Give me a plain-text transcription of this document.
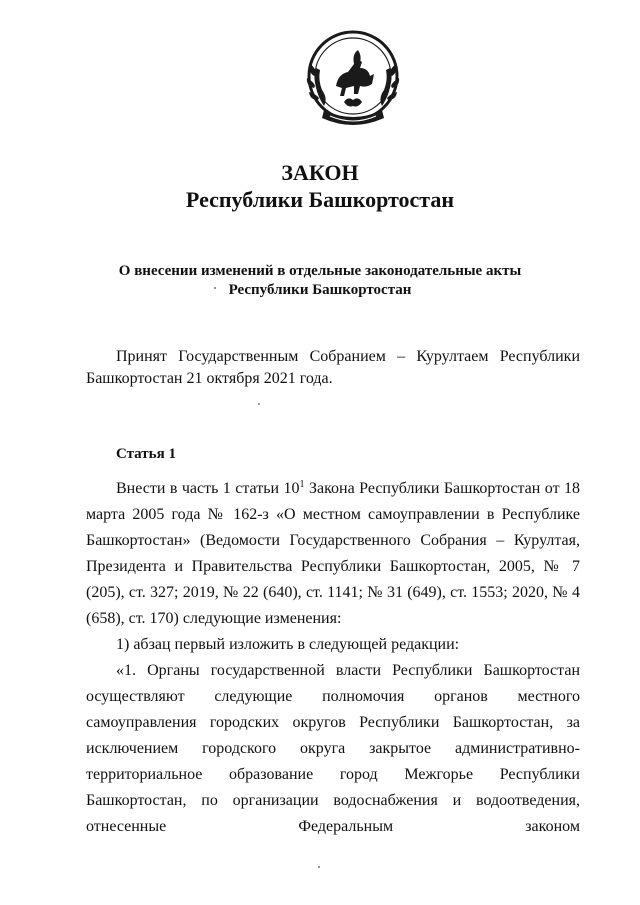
ЗАКОН
Республики Башкортостан
О внесении изменений в отдельные законодательные акты
Республики Башкортостан

Принят Государственным Собранием – Курултаем Республики Башкортостан 21 октября 2021 года.

Статья 1

Внести в часть 1 статьи $10^1$ Закона Республики Башкортостан от 18 марта 2005 года № 162-з «О местном самоуправлении в Республике Башкортостан» (Ведомости Государственного Собрания – Курултая, Президента и Правительства Республики Башкортостан, 2005, № 7 (205), ст. 327; 2019, № 22 (640), ст. 1141; № 31 (649), ст. 1553; 2020, № 4 (658), ст. 170) следующие изменения:

1) абзац первый изложить в следующей редакции:

«1. Органы государственной власти Республики Башкортостан осуществляют следующие полномочия органов местного самоуправления городских округов Республики Башкортостан, за исключением городского округа закрытое административно-территориальное образование город Межгорье Республики Башкортостан, по организации водоснабжения и водоотведения, отнесенные Федеральным законом
